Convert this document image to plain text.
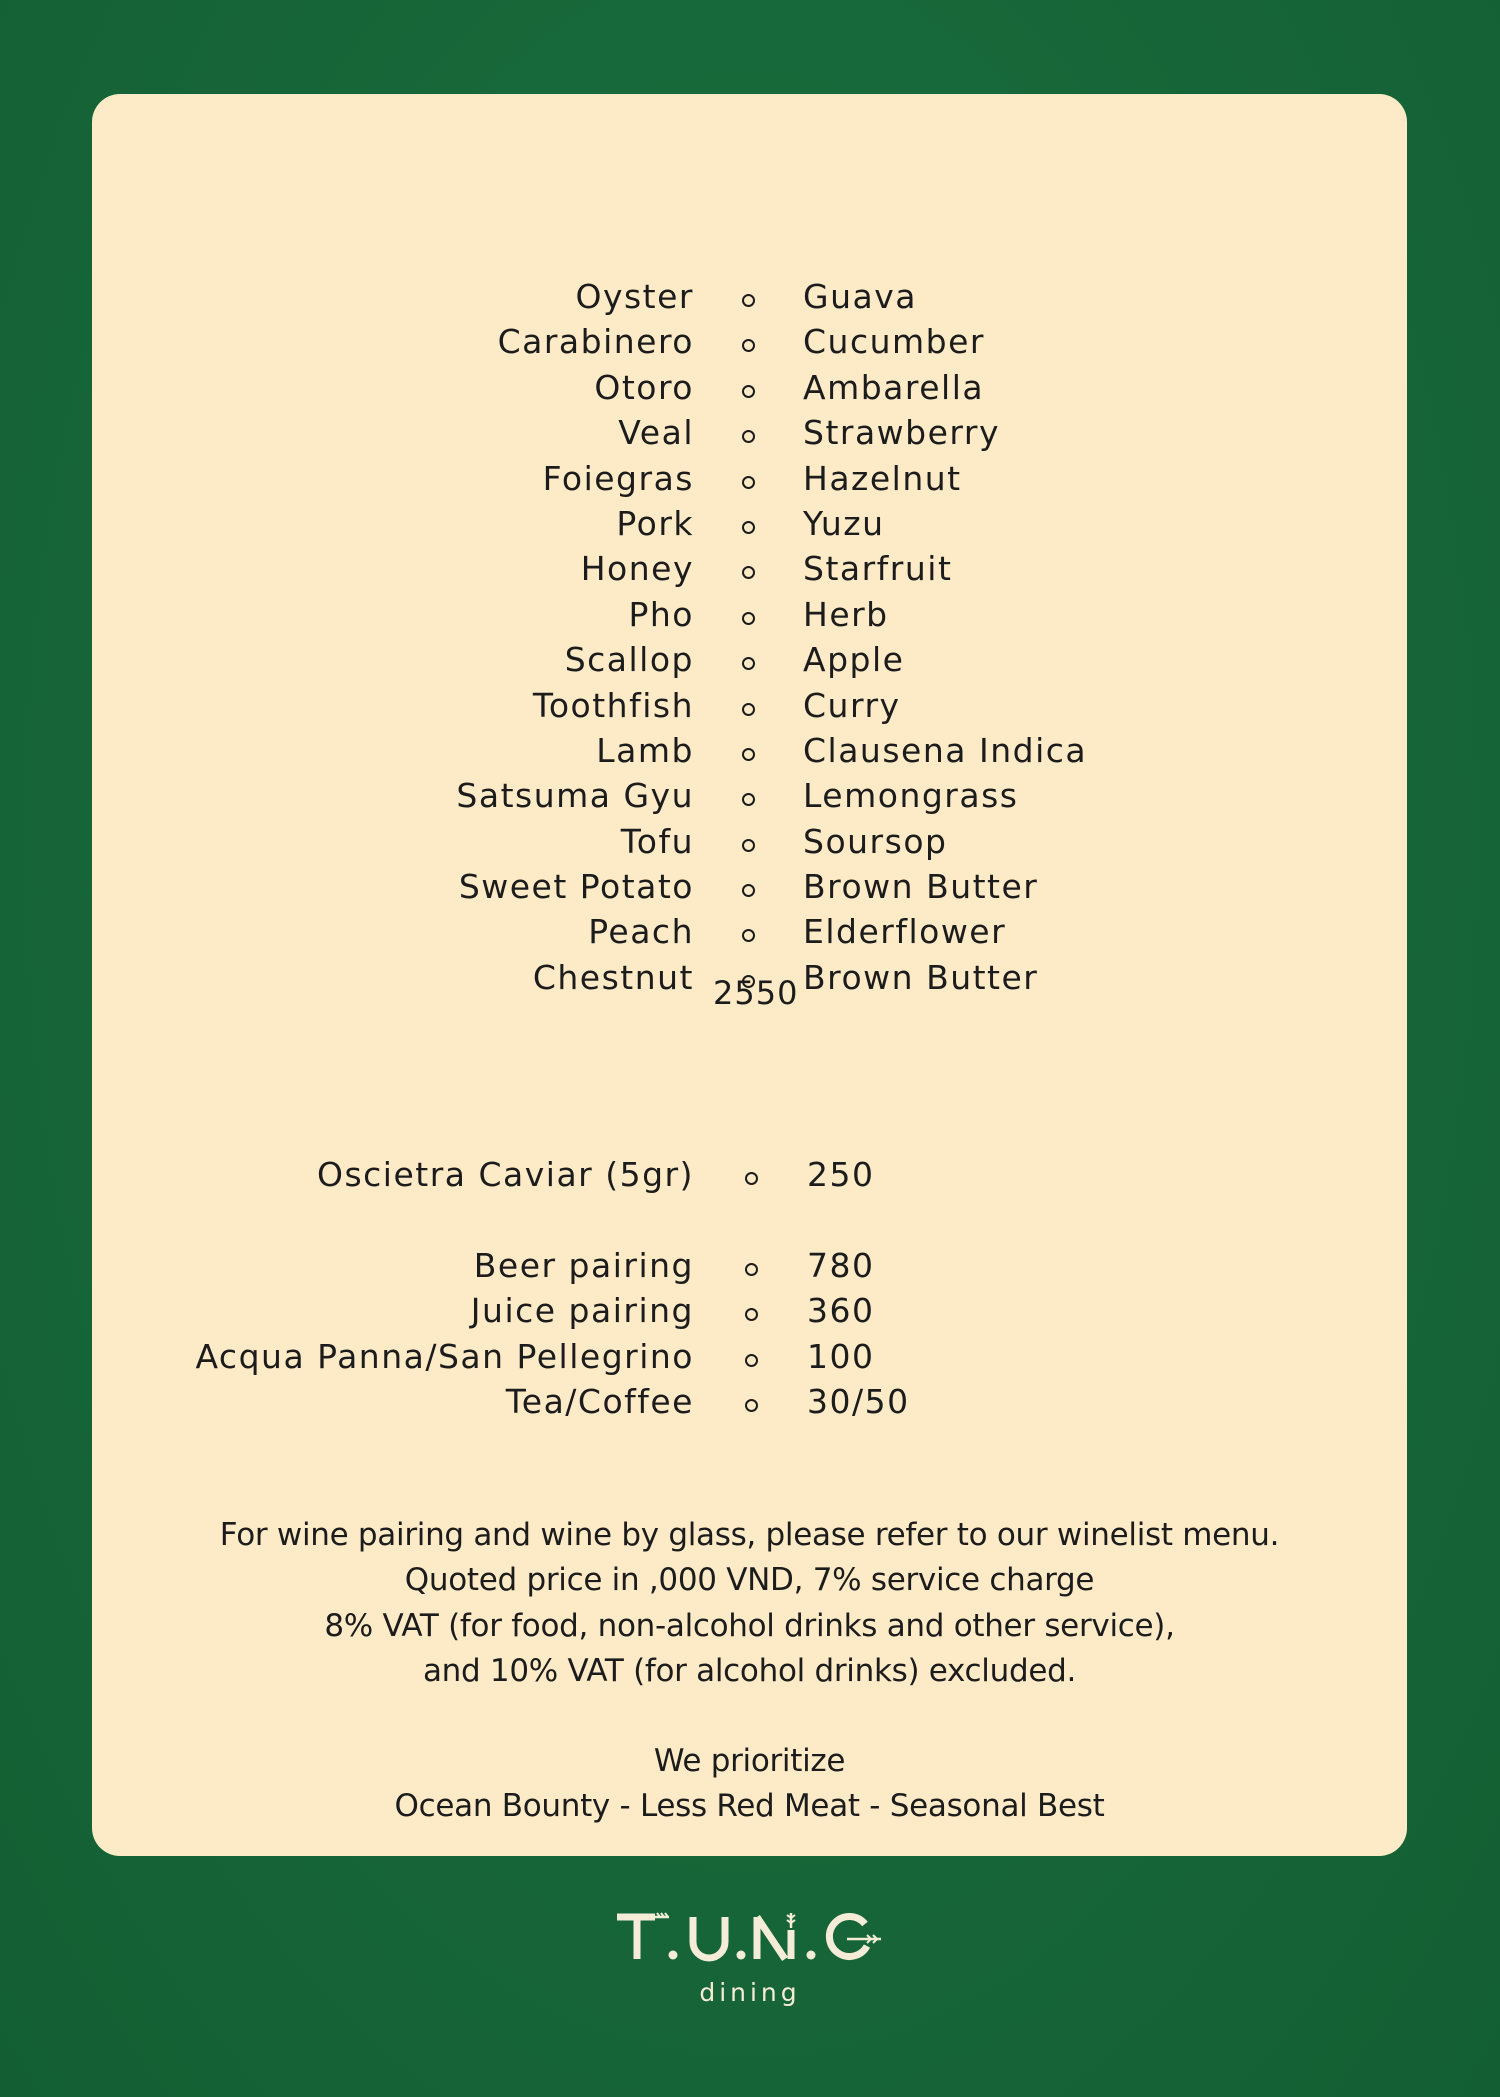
Oyster	Guava
Carabinero	Cucumber
Otoro	Ambarella
Veal	Strawberry
Foiegras	Hazelnut
Pork	Yuzu
Honey	Starfruit
Pho	Herb
Scallop	Apple
Toothfish	Curry
Lamb	Clausena Indica
Satsuma Gyu	Lemongrass
Tofu	Soursop
Sweet Potato	Brown Butter
Peach	Elderflower
Chestnut	Brown Butter
2550
Oscietra Caviar (5gr)	250
Beer pairing	780
Juice pairing	360
Acqua Panna/San Pellegrino	100
Tea/Coffee	30/50
For wine pairing and wine by glass, please refer to our winelist menu.
Quoted price in ,000 VND, 7% service charge
8% VAT (for food, non-alcohol drinks and other service),
and 10% VAT (for alcohol drinks) excluded.
We prioritize
Ocean Bounty - Less Red Meat - Seasonal Best
dining
